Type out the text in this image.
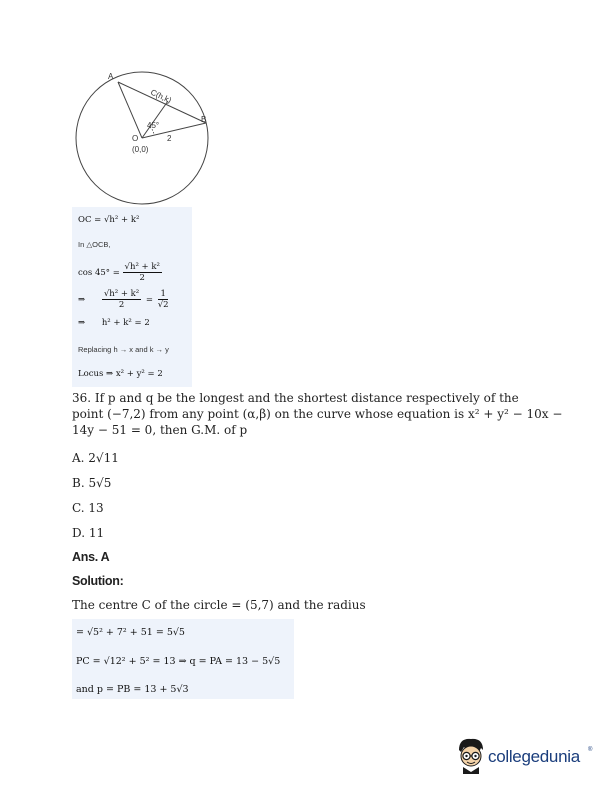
A
B
C(h,k)
O
(0,0)
45°
2
OC = √h² + k²
In △OCB,
$\cos 45^\circ = \frac{\text{√h² + k²}}{2}$
⇒ $\frac{\text{√h² + k²}}{2} = \frac{1}{√2}$
⇒ h² + k² = 2
Replacing h → x and k → y
Locus ⇒ x² + y² = 2
36. If p and q be the longest and the shortest distance respectively of the
point (−7,2) from any point (α,β) on the curve whose equation is x² + y² − 10x −
14y − 51 = 0, then G.M. of p
A. 2√11
B. 5√5
C. 13
D. 11
Ans. A
Solution:
The centre C of the circle = (5,7) and the radius
= √5² + 7² + 51 = 5√5
PC = √12² + 5² = 13 ⇒ q = PA = 13 − 5√5
and p = PB = 13 + 5√3
collegedunia ®
